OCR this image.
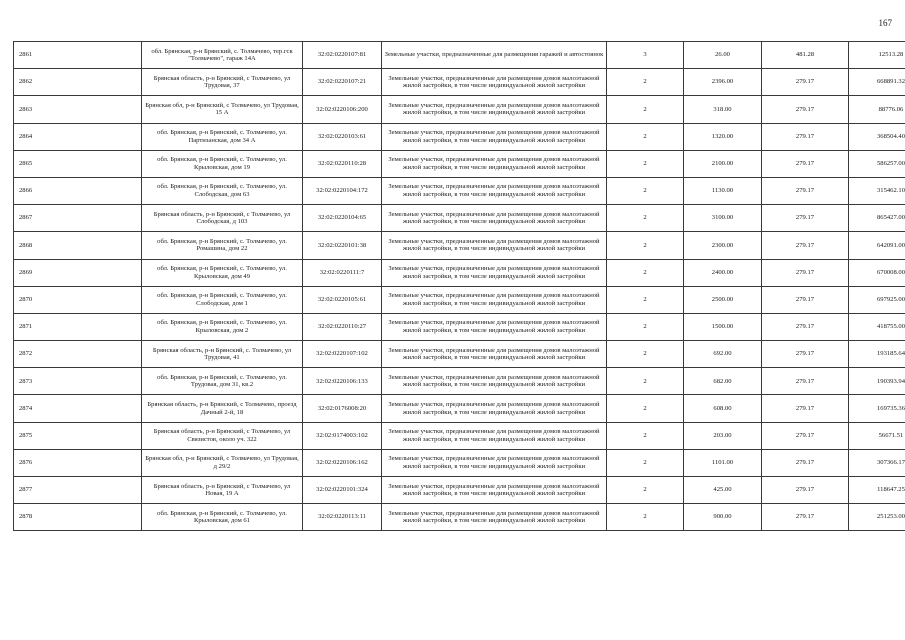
167
2861	обл. Брянская, р-н Брянский, с. Толмачево, тер.гск "Толмачево", гараж 14А	32:02:0220107:81	Земельные участки, предназначенные для размещения гаражей и автостоянок	3	26.00	481.28	12513.28
2862	Брянская область, р-н Брянский, с Толмачево, ул Трудовая, 37	32:02:0220107:21	Земельные участки, предназначенные для размещения домов малоэтажной жилой застройки, в том числе индивидуальной жилой застройки	2	2396.00	279.17	668891.32
2863	Брянская обл, р-н Брянский, с Толмачево, ул Трудовая, 15 А	32:02:0220106:200	Земельные участки, предназначенные для размещения домов малоэтажной жилой застройки, в том числе индивидуальной жилой застройки	2	318.00	279.17	88776.06
2864	обл. Брянская, р-н Брянский, с. Толмачево, ул. Партизанская, дом 34 А	32:02:0220103:61	Земельные участки, предназначенные для размещения домов малоэтажной жилой застройки, в том числе индивидуальной жилой застройки	2	1320.00	279.17	368504.40
2865	обл. Брянская, р-н Брянский, с. Толмачево, ул. Крыловская, дом 19	32:02:0220110:28	Земельные участки, предназначенные для размещения домов малоэтажной жилой застройки, в том числе индивидуальной жилой застройки	2	2100.00	279.17	586257.00
2866	обл. Брянская, р-н Брянский, с. Толмачево, ул. Слободская, дом 63	32:02:0220104:172	Земельные участки, предназначенные для размещения домов малоэтажной жилой застройки, в том числе индивидуальной жилой застройки	2	1130.00	279.17	315462.10
2867	Брянская область, р-н Брянский, с Толмачево, ул Слободская, д 103	32:02:0220104:65	Земельные участки, предназначенные для размещения домов малоэтажной жилой застройки, в том числе индивидуальной жилой застройки	2	3100.00	279.17	865427.00
2868	обл. Брянская, р-н Брянский, с. Толмачево, ул. Ромашина, дом 22	32:02:0220101:38	Земельные участки, предназначенные для размещения домов малоэтажной жилой застройки, в том числе индивидуальной жилой застройки	2	2300.00	279.17	642091.00
2869	обл. Брянская, р-н Брянский, с. Толмачево, ул. Крыловская, дом 49	32:02:0220111:7	Земельные участки, предназначенные для размещения домов малоэтажной жилой застройки, в том числе индивидуальной жилой застройки	2	2400.00	279.17	670008.00
2870	обл. Брянская, р-н Брянский, с. Толмачево, ул. Слободская, дом 1	32:02:0220105:61	Земельные участки, предназначенные для размещения домов малоэтажной жилой застройки, в том числе индивидуальной жилой застройки	2	2500.00	279.17	697925.00
2871	обл. Брянская, р-н Брянский, с. Толмачево, ул. Крыловская, дом 2	32:02:0220110:27	Земельные участки, предназначенные для размещения домов малоэтажной жилой застройки, в том числе индивидуальной жилой застройки	2	1500.00	279.17	418755.00
2872	Брянская область, р-н Брянский, с. Толмачево, ул Трудовая, 41	32:02:0220107:102	Земельные участки, предназначенные для размещения домов малоэтажной жилой застройки, в том числе индивидуальной жилой застройки	2	692.00	279.17	193185.64
2873	обл. Брянская, р-н Брянский, с. Толмачево, ул. Трудовая, дом 31, кв.2	32:02:0220106:133	Земельные участки, предназначенные для размещения домов малоэтажной жилой застройки, в том числе индивидуальной жилой застройки	2	682.00	279.17	190393.94
2874	Брянская область, р-н Брянский, с Толмачево, проезд Дачный 2-й, 18	32:02:0176008:20	Земельные участки, предназначенные для размещения домов малоэтажной жилой застройки, в том числе индивидуальной жилой застройки	2	608.00	279.17	169735.36
2875	Брянская область, р-н Брянский, с Толмачево, ул Связистов, около уч. 322	32:02:0174003:102	Земельные участки, предназначенные для размещения домов малоэтажной жилой застройки, в том числе индивидуальной жилой застройки	2	203.00	279.17	56671.51
2876	Брянская обл, р-н Брянский, с Толмачево, ул Трудовая, д 29/2	32:02:0220106:162	Земельные участки, предназначенные для размещения домов малоэтажной жилой застройки, в том числе индивидуальной жилой застройки	2	1101.00	279.17	307366.17
2877	Брянская область, р-н Брянский, с Толмачево, ул Новая, 19 А	32:02:0220101:324	Земельные участки, предназначенные для размещения домов малоэтажной жилой застройки, в том числе индивидуальной жилой застройки	2	425.00	279.17	118647.25
2878	обл. Брянская, р-н Брянский, с. Толмачево, ул. Крыловская, дом 61	32:02:0220113:11	Земельные участки, предназначенные для размещения домов малоэтажной жилой застройки, в том числе индивидуальной жилой застройки	2	900.00	279.17	251253.00
